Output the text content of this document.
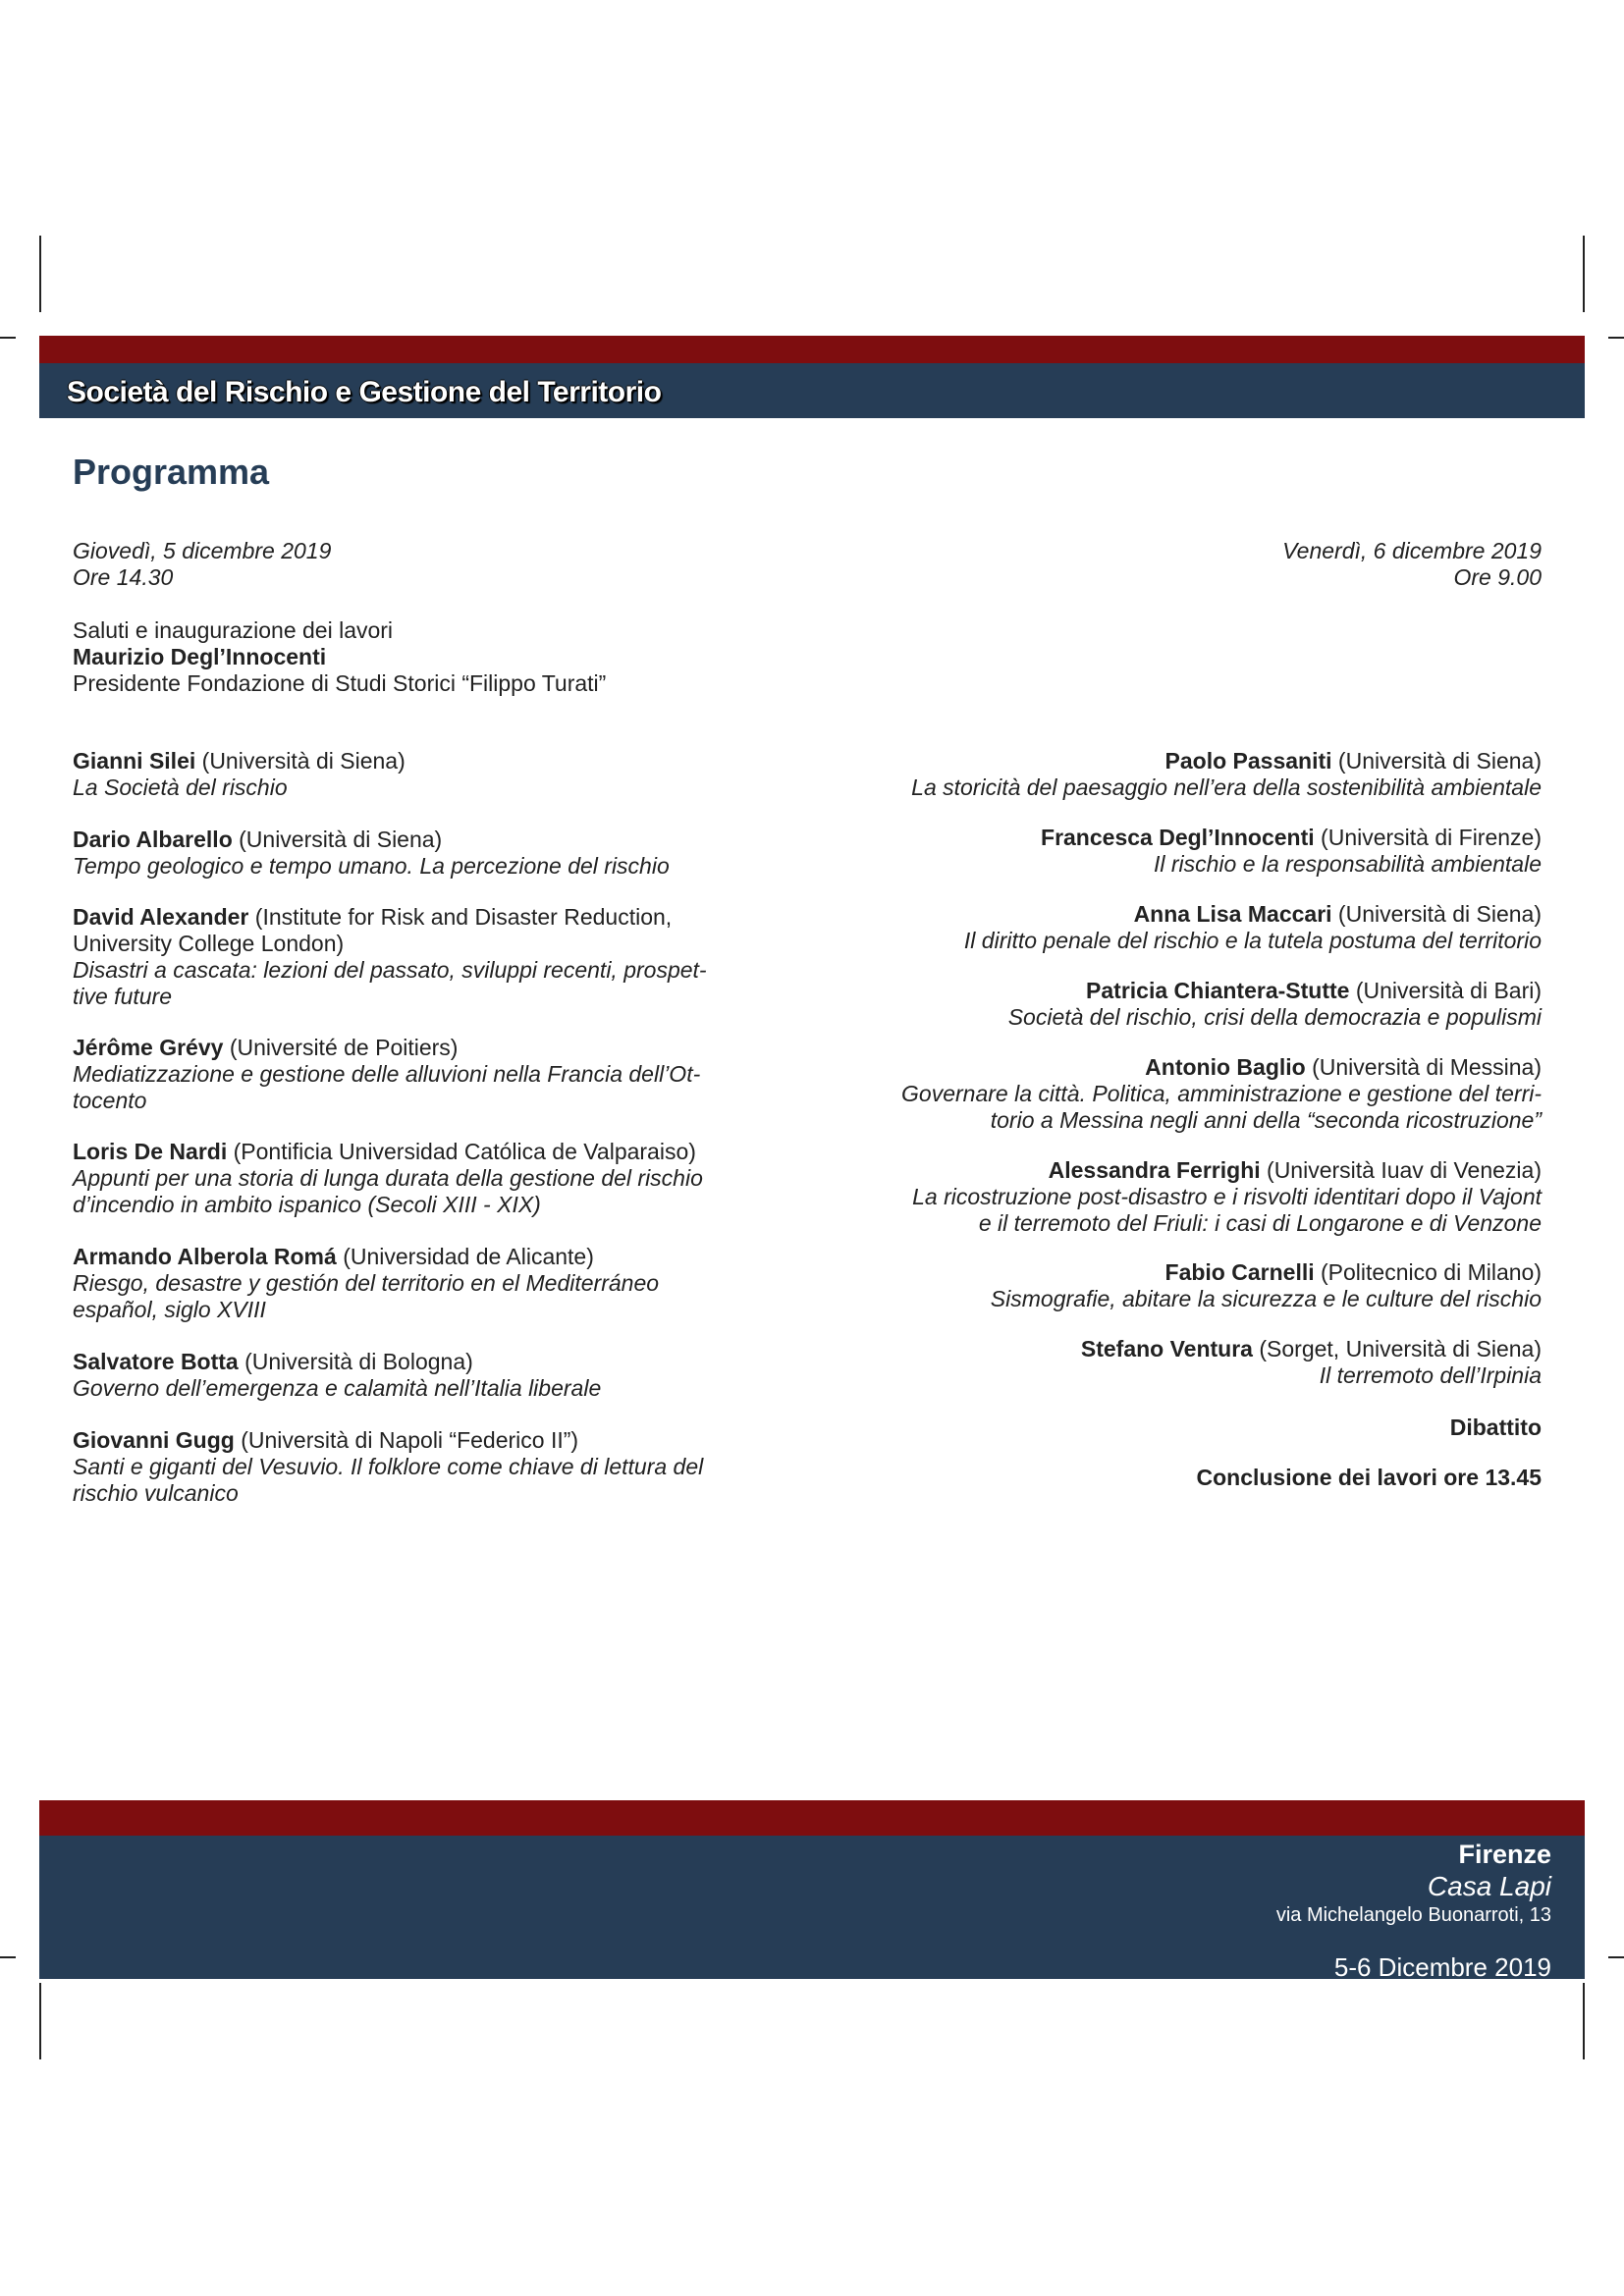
Società del Rischio e Gestione del Territorio
Programma
Giovedì, 5 dicembre 2019
Ore 14.30
Venerdì, 6 dicembre 2019
Ore 9.00
Saluti e inaugurazione dei lavori
Maurizio Degl’Innocenti
Presidente Fondazione di Studi Storici “Filippo Turati”

Gianni Silei (Università di Siena)

La Società del rischio

Dario Albarello (Università di Siena)

Tempo geologico e tempo umano. La percezione del rischio

David Alexander (Institute for Risk and Disaster Reduction,

University College London)

Disastri a cascata: lezioni del passato, sviluppi recenti, prospet-

tive future

Jérôme Grévy (Université de Poitiers)

Mediatizzazione e gestione delle alluvioni nella Francia dell’Ot-

tocento

Loris De Nardi (Pontificia Universidad Católica de Valparaiso)

Appunti per una storia di lunga durata della gestione del rischio

d’incendio in ambito ispanico (Secoli XIII - XIX)

Armando Alberola Romá (Universidad de Alicante)

Riesgo, desastre y gestión del territorio en el Mediterráneo

español, siglo XVIII

Salvatore Botta (Università di Bologna)

Governo dell’emergenza e calamità nell’Italia liberale

Giovanni Gugg (Università di Napoli “Federico II”)

Santi e giganti del Vesuvio. Il folklore come chiave di lettura del

rischio vulcanico

Paolo Passaniti (Università di Siena)

La storicità del paesaggio nell’era della sostenibilità ambientale

Francesca Degl’Innocenti (Università di Firenze)

Il rischio e la responsabilità ambientale

Anna Lisa Maccari (Università di Siena)

Il diritto penale del rischio e la tutela postuma del territorio

Patricia Chiantera-Stutte (Università di Bari)

Società del rischio, crisi della democrazia e populismi

Antonio Baglio (Università di Messina)

Governare la città. Politica, amministrazione e gestione del terri-

torio a Messina negli anni della “seconda ricostruzione”

Alessandra Ferrighi (Università Iuav di Venezia)

La ricostruzione post-disastro e i risvolti identitari dopo il Vajont

e il terremoto del Friuli: i casi di Longarone e di Venzone

Fabio Carnelli (Politecnico di Milano)

Sismografie, abitare la sicurezza e le culture del rischio

Stefano Ventura (Sorget, Università di Siena)

Il terremoto dell’Irpinia

Dibattito
Conclusione dei lavori ore 13.45
Firenze
Casa Lapi
via Michelangelo Buonarroti, 13
5-6 Dicembre 2019
